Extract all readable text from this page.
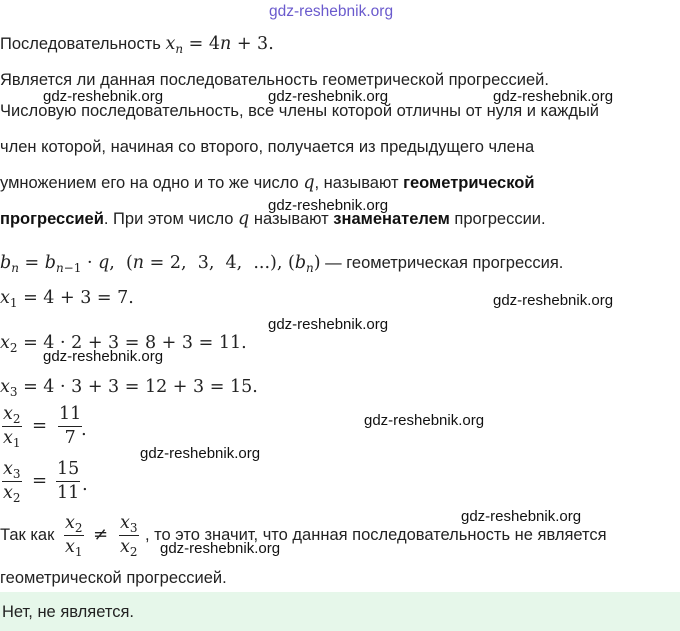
gdz-reshebnik.org
gdz-reshebnik.org	gdz-reshebnik.org	gdz-reshebnik.org
gdz-reshebnik.org
gdz-reshebnik.org
gdz-reshebnik.org
gdz-reshebnik.org
gdz-reshebnik.org
gdz-reshebnik.org
gdz-reshebnik.org
gdz-reshebnik.org
Последовательность $x_n = 4n + 3$.
Является ли данная последовательность геометрической прогрессией.
Числовую последовательность, все члены которой отличны от нуля и каждый
член которой, начиная со второго, получается из предыдущего члена
умножением его на одно и то же число q, называют геометрической
прогрессией. При этом число q называют знаменателем прогрессии.
$b_n = b_{n-1} \cdot q$,  (n = 2,  3,  4,  ...), $(b_n)$ — геометрическая прогрессия.
$x_1 = 4 + 3 = 7$.
$x_2 = 4 \cdot 2 + 3 = 8 + 3 = 11$.
$x_3 = 4 \cdot 3 + 3 = 12 + 3 = 15$.
$x_2$
$x_1$
=
11
7 .
$x_3$
$x_2$
=
15
11 .
Так как
$x_2$
$x_1$
≠
$x_3$
$x_2$
, то это значит, что данная последовательность не является
геометрической прогрессией.
Нет, не является.
